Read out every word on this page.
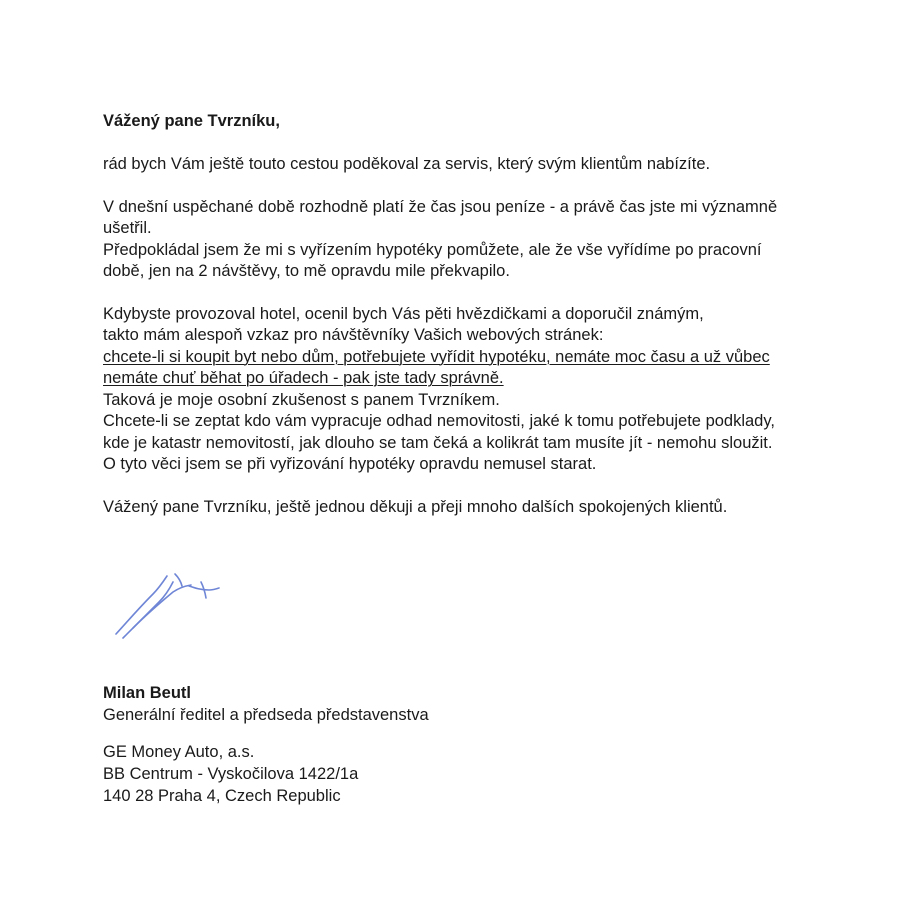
Vážený pane Tvrzníku,

rád bych Vám ještě touto cestou poděkoval za servis, který svým klientům nabízíte.
V dnešní uspěchané době rozhodně platí že čas jsou peníze - a právě čas jste mi významně
ušetřil.
Předpokládal jsem že mi s vyřízením hypotéky pomůžete, ale že vše vyřídíme po pracovní
době, jen na 2 návštěvy, to mě opravdu mile překvapilo.
Kdybyste provozoval hotel, ocenil bych Vás pěti hvězdičkami a doporučil známým,
takto mám alespoň vzkaz pro návštěvníky Vašich webových stránek:
chcete-li si koupit byt nebo dům, potřebujete vyřídit hypotéku, nemáte moc času a už vůbec
nemáte chuť běhat po úřadech - pak jste tady správně.
Taková je moje osobní zkušenost s panem Tvrzníkem.
Chcete-li se zeptat kdo vám vypracuje odhad nemovitosti, jaké k tomu potřebujete podklady,
kde je katastr nemovitostí, jak dlouho se tam čeká a kolikrát tam musíte jít - nemohu sloužit.
O tyto věci jsem se při vyřizování hypotéky opravdu nemusel starat.
Vážený pane Tvrzníku, ještě jednou děkuji a přeji mnoho dalších spokojených klientů.
Milan Beutl
Generální ředitel a předseda představenstva
GE Money Auto, a.s.
BB Centrum - Vyskočilova 1422/1a
140 28 Praha 4, Czech Republic
